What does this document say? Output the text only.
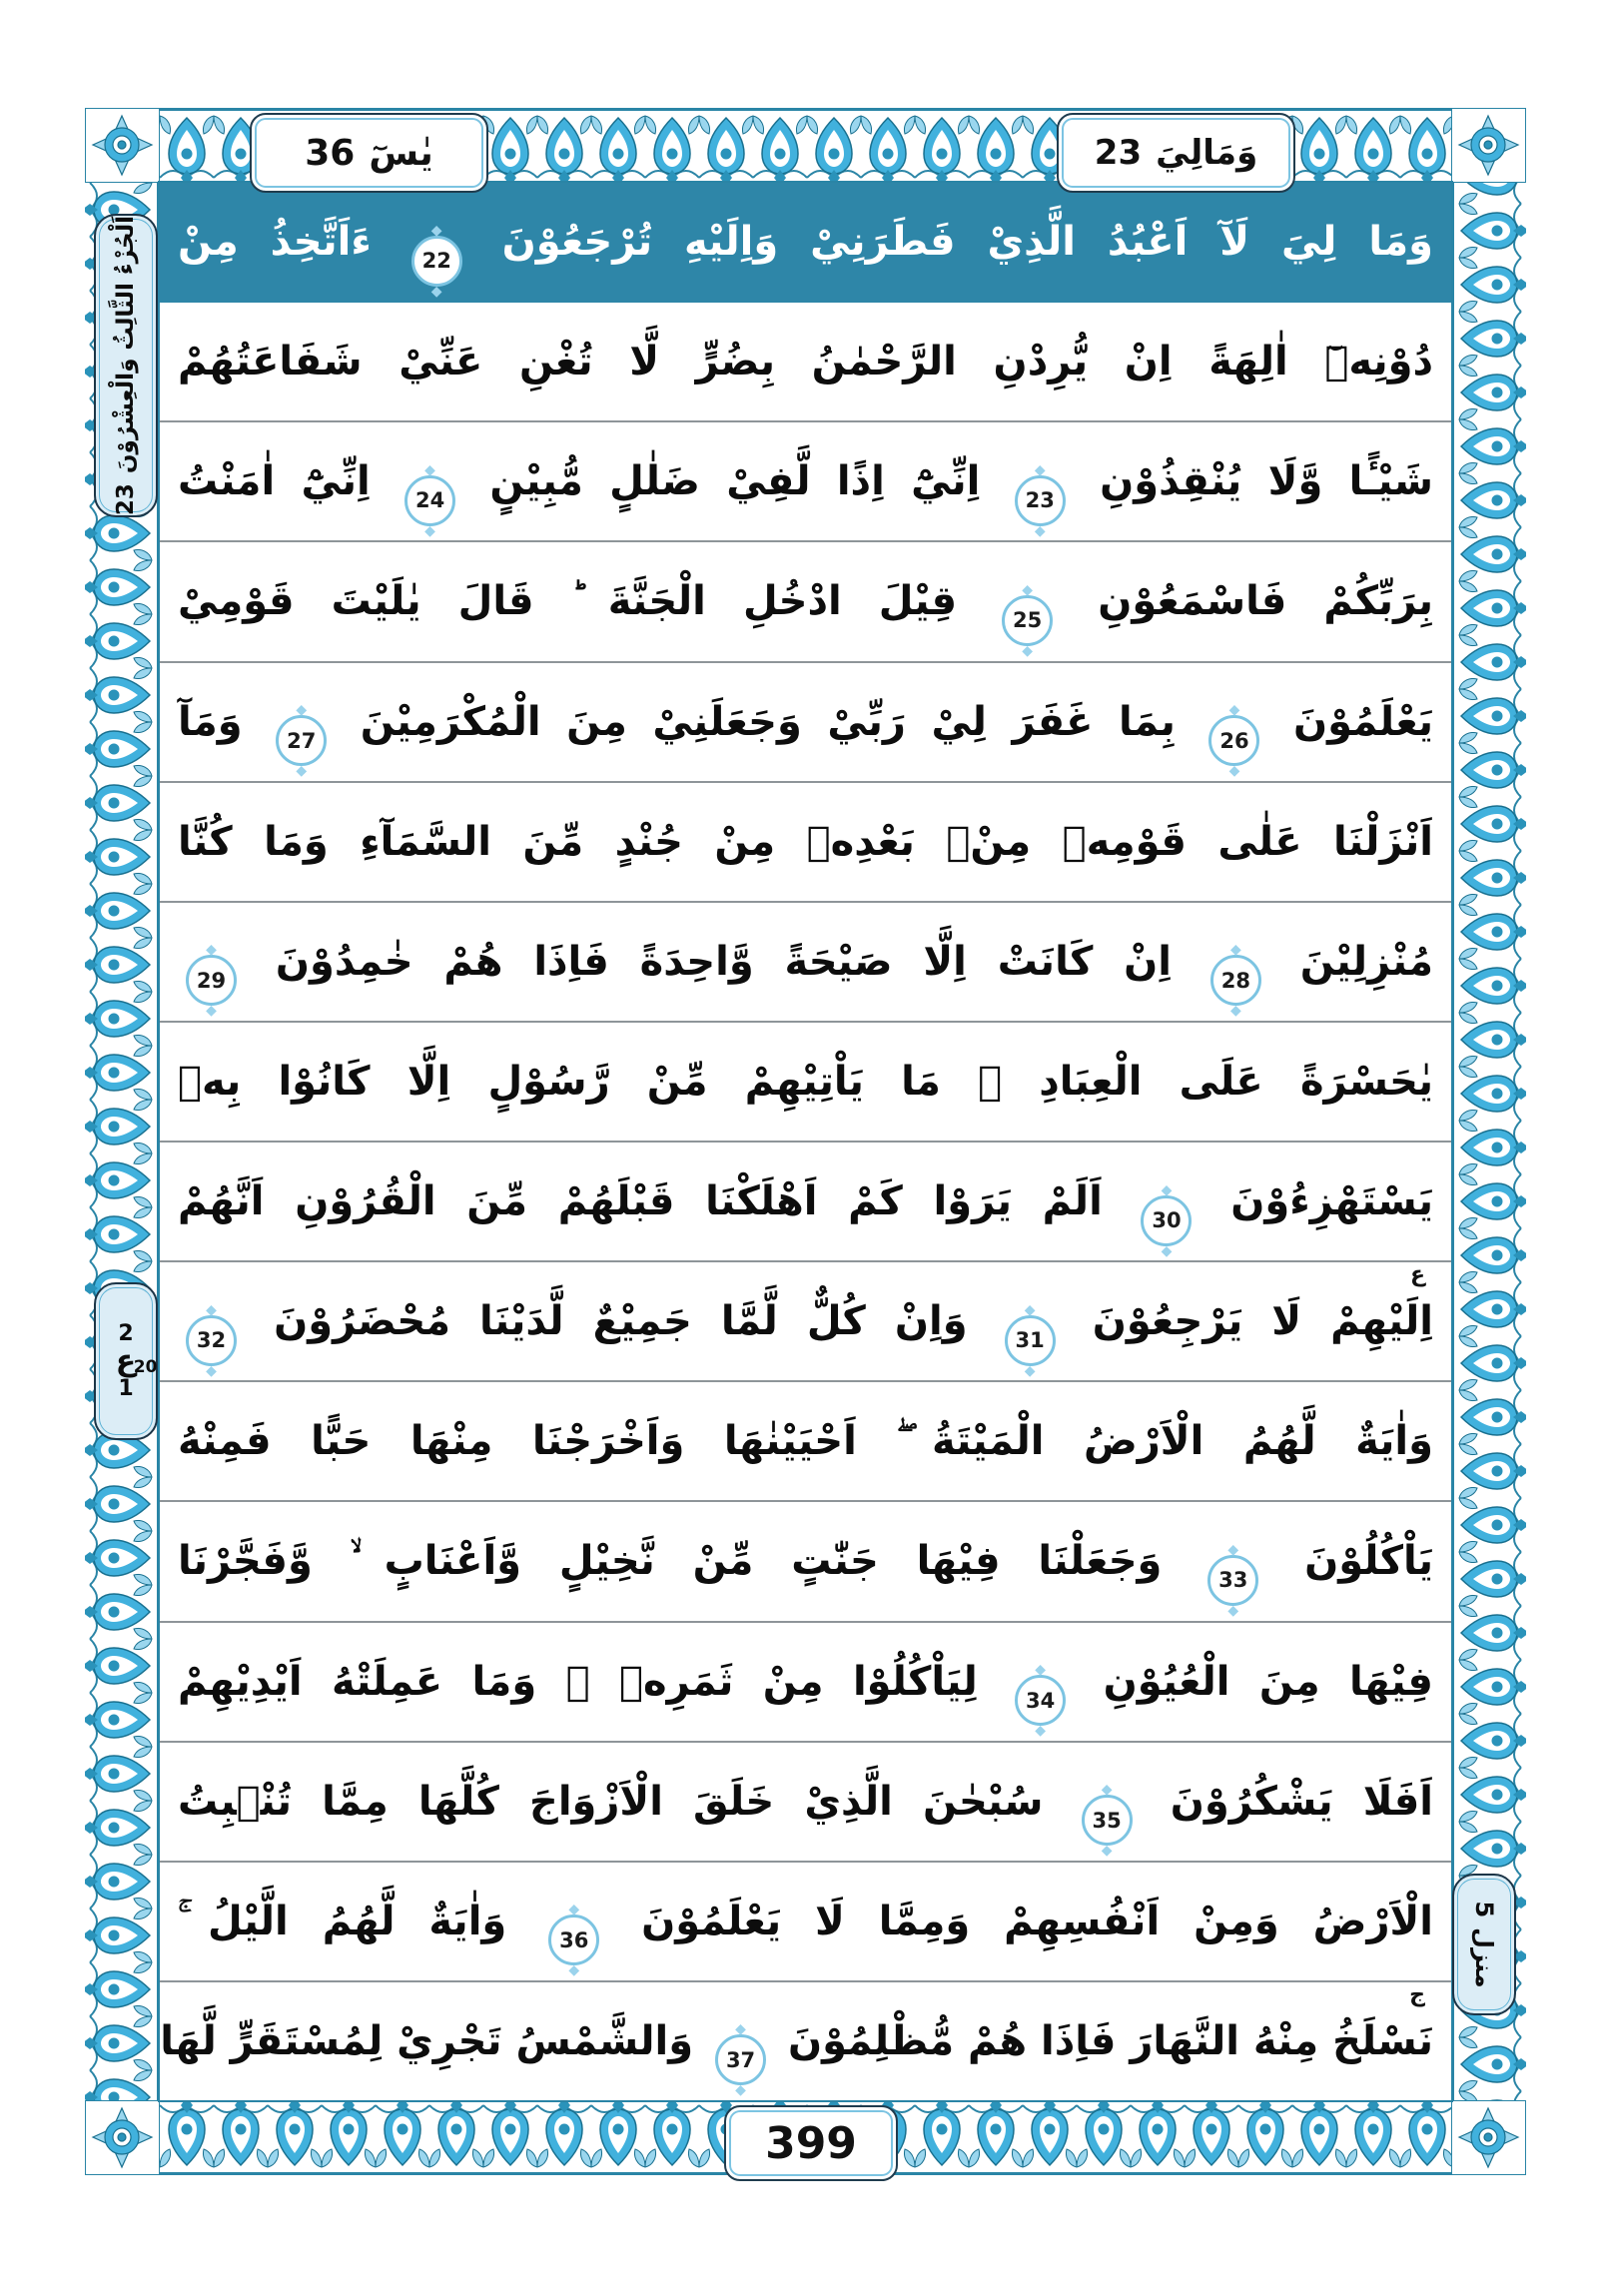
يٰسٓ
36	وَمَالِيَ
23
اَلْجُزْءُ الثَّالِثُ وَالْعِشْرُوْنَ
23
2
ع
20
1
منزل
5
399
وَمَا لِيَ لَآ اَعْبُدُ الَّذِيْ فَطَرَنِيْ وَاِلَيْهِ تُرْجَعُوْنَ ◆ 22 ◆ ءَاَتَّخِذُ مِنْ
دُوْنِهٖٓ اٰلِهَةً اِنْ يُّرِدْنِ الرَّحْمٰنُ بِضُرٍّ لَّا تُغْنِ عَنِّيْ شَفَاعَتُهُمْ
شَيْـًٔا وَّلَا يُنْقِذُوْنِ ◆ 23 ◆ اِنِّيْٓ اِذًا لَّفِيْ ضَلٰلٍ مُّبِيْنٍ ◆ 24 ◆ اِنِّيْٓ اٰمَنْتُ
بِرَبِّكُمْ فَاسْمَعُوْنِ ◆ 25 ◆ قِيْلَ ادْخُلِ الْجَنَّةَ ؕ قَالَ يٰلَيْتَ قَوْمِيْ
يَعْلَمُوْنَ ◆ 26 ◆ بِمَا غَفَرَ لِيْ رَبِّيْ وَجَعَلَنِيْ مِنَ الْمُكْرَمِيْنَ ◆ 27 ◆ وَمَآ
اَنْزَلْنَا عَلٰى قَوْمِهٖ مِنْۢ بَعْدِهٖ مِنْ جُنْدٍ مِّنَ السَّمَآءِ وَمَا كُنَّا
مُنْزِلِيْنَ ◆ 28 ◆ اِنْ كَانَتْ اِلَّا صَيْحَةً وَّاحِدَةً فَاِذَا هُمْ خٰمِدُوْنَ ◆ 29 ◆
يٰحَسْرَةً عَلَى الْعِبَادِ ۚ مَا يَاْتِيْهِمْ مِّنْ رَّسُوْلٍ اِلَّا كَانُوْا بِهٖ
يَسْتَهْزِءُوْنَ ◆ 30 ◆ اَلَمْ يَرَوْا كَمْ اَهْلَكْنَا قَبْلَهُمْ مِّنَ الْقُرُوْنِ اَنَّهُمْ
ع
اِلَيْهِمْ لَا يَرْجِعُوْنَ ◆ 31 ◆ وَاِنْ كُلٌّ لَّمَّا جَمِيْعٌ لَّدَيْنَا مُحْضَرُوْنَ ◆ 32 ◆
وَاٰيَةٌ لَّهُمُ الْاَرْضُ الْمَيْتَةُ ۖ اَحْيَيْنٰهَا وَاَخْرَجْنَا مِنْهَا حَبًّا فَمِنْهُ
يَاْكُلُوْنَ ◆ 33 ◆ وَجَعَلْنَا فِيْهَا جَنّٰتٍ مِّنْ نَّخِيْلٍ وَّاَعْنَابٍ ۙ وَّفَجَّرْنَا
فِيْهَا مِنَ الْعُيُوْنِ ◆ 34 ◆ لِيَاْكُلُوْا مِنْ ثَمَرِهٖ ۙ وَمَا عَمِلَتْهُ اَيْدِيْهِمْ
اَفَلَا يَشْكُرُوْنَ ◆ 35 ◆ سُبْحٰنَ الَّذِيْ خَلَقَ الْاَزْوَاجَ كُلَّهَا مِمَّا تُنْۢبِتُ
الْاَرْضُ وَمِنْ اَنْفُسِهِمْ وَمِمَّا لَا يَعْلَمُوْنَ ◆ 36 ◆ وَاٰيَةٌ لَّهُمُ الَّيْلُ ۚ
ج
نَسْلَخُ مِنْهُ النَّهَارَ فَاِذَا هُمْ مُّظْلِمُوْنَ ◆ 37 ◆ وَالشَّمْسُ تَجْرِيْ لِمُسْتَقَرٍّ لَّهَا
